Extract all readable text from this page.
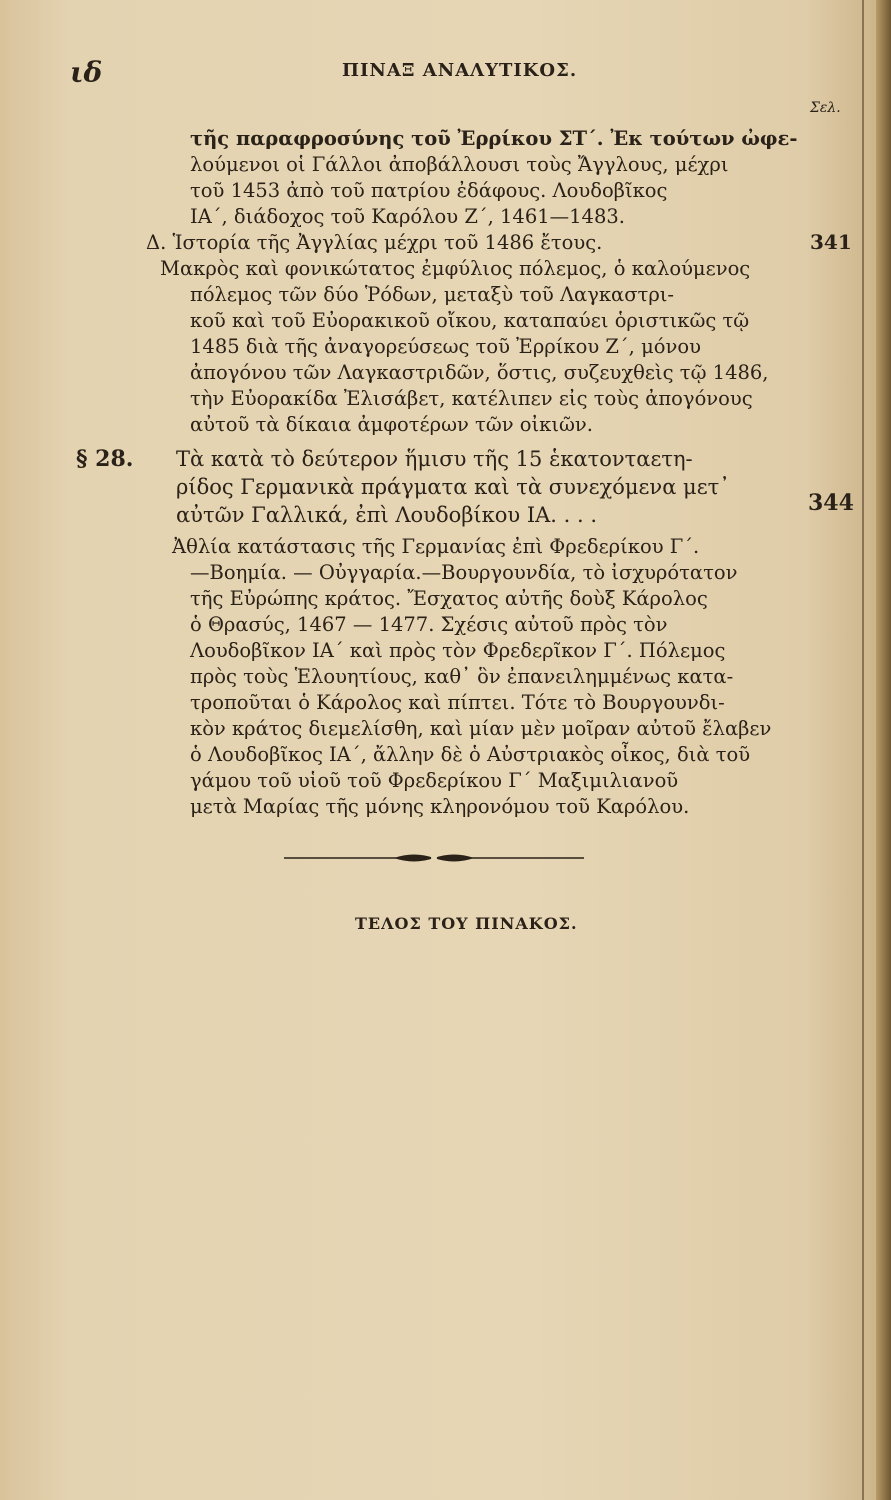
ιδ	ΠΙΝΑΞ ΑΝΑΛΥΤΙΚΟΣ.
Σελ.
τῆς παραφροσύνης τοῦ Ἐρρίκου ΣΤ΄. Ἐκ τούτων ὠφε-
λούμενοι οἱ Γάλλοι ἀποβάλλουσι τοὺς Ἄγγλους, μέχρι
τοῦ 1453 ἀπὸ τοῦ πατρίου ἐδάφους. Λουδοβῖκος
ΙΑ΄, διάδοχος τοῦ Καρόλου Ζ΄, 1461—1483.
Δ. Ἱστορία τῆς Ἀγγλίας μέχρι τοῦ 1486 ἔτους.	341
Μακρὸς καὶ φονικώτατος ἐμφύλιος πόλεμος, ὁ καλούμενος
πόλεμος τῶν δύο Ῥόδων, μεταξὺ τοῦ Λαγκαστρι-
κοῦ καὶ τοῦ Εὐορακικοῦ οἴκου, καταπαύει ὁριστικῶς τῷ
1485 διὰ τῆς ἀναγορεύσεως τοῦ Ἐρρίκου Ζ΄, μόνου
ἀπογόνου τῶν Λαγκαστριδῶν, ὅστις, συζευχθεὶς τῷ 1486,
τὴν Εὐορακίδα Ἐλισάβετ, κατέλιπεν εἰς τοὺς ἀπογόνους
αὐτοῦ τὰ δίκαια ἀμφοτέρων τῶν οἰκιῶν.
§ 28. Τὰ κατὰ τὸ δεύτερον ἥμισυ τῆς 15 ἑκατονταετη-
ρίδος Γερμανικὰ πράγματα καὶ τὰ συνεχόμενα μετ᾽
αὐτῶν Γαλλικά, ἐπὶ Λουδοβίκου ΙΑ. . . .	344
Ἀθλία κατάστασις τῆς Γερμανίας ἐπὶ Φρεδερίκου Γ΄.
—Βοημία. — Οὐγγαρία.—Βουργουνδία, τὸ ἰσχυρότατον
τῆς Εὐρώπης κράτος. Ἔσχατος αὐτῆς δοὺξ Κάρολος
ὁ Θρασύς, 1467 — 1477. Σχέσις αὐτοῦ πρὸς τὸν
Λουδοβῖκον ΙΑ΄ καὶ πρὸς τὸν Φρεδερῖκον Γ΄. Πόλεμος
πρὸς τοὺς Ἑλουητίους, καθ᾽ ὃν ἐπανειλημμένως κατα-
τροποῦται ὁ Κάρολος καὶ πίπτει. Τότε τὸ Βουργουνδι-
κὸν κράτος διεμελίσθη, καὶ μίαν μὲν μοῖραν αὐτοῦ ἔλαβεν
ὁ Λουδοβῖκος ΙΑ΄, ἄλλην δὲ ὁ Αὐστριακὸς οἶκος, διὰ τοῦ
γάμου τοῦ υἱοῦ τοῦ Φρεδερίκου Γ΄ Μαξιμιλιανοῦ
μετὰ Μαρίας τῆς μόνης κληρονόμου τοῦ Καρόλου.
ΤΕΛΟΣ ΤΟΥ ΠΙΝΑΚΟΣ.
